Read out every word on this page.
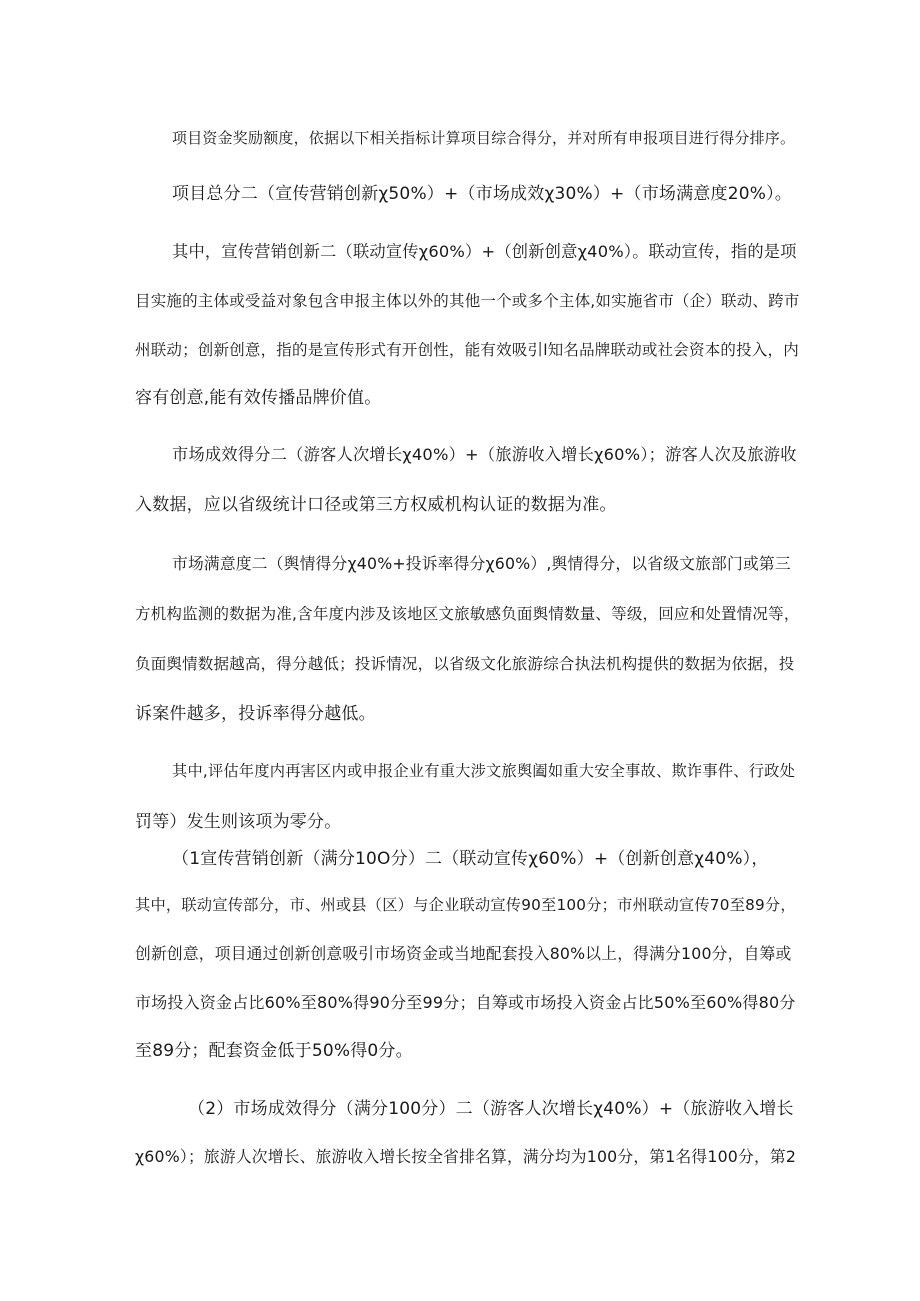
项目资金奖励额度，依据以下相关指标计算项目综合得分，并对所有申报项目进行得分排序。
项目总分二（宣传营销创新χ50%）+（市场成效χ30%）+（市场满意度20%）。
其中，宣传营销创新二（联动宣传χ60%）+（创新创意χ40%）。联动宣传，指的是项
目实施的主体或受益对象包含申报主体以外的其他一个或多个主体,如实施省市（企）联动、跨市
州联动；创新创意，指的是宣传形式有开创性，能有效吸引l知名品牌联动或社会资本的投入，内
容有创意,能有效传播品牌价值。
市场成效得分二（游客人次增长χ40%）+（旅游收入增长χ60%）；游客人次及旅游收
入数据，应以省级统计口径或第三方权威机构认证的数据为准。
市场满意度二（舆情得分χ40%+投诉率得分χ60%）,舆情得分，以省级文旅部门或第三
方机构监测的数据为准,含年度内涉及该地区文旅敏感负面舆情数量、等级，回应和处置情况等，
负面舆情数据越高，得分越低；投诉情况，以省级文化旅游综合执法机构提供的数据为依据，投
诉案件越多，投诉率得分越低。
其中,评估年度内再害区内或申报企业有重大涉文旅舆阖如重大安全事故、欺诈事件、行政处
罚等）发生则该项为零分。
（1宣传营销创新（满分10O分）二（联动宣传χ60%）+（创新创意χ40%），
其中，联动宣传部分，市、州或县（区）与企业联动宣传90至100分；市州联动宣传70至89分，
创新创意，项目通过创新创意吸引市场资金或当地配套投入80%以上，得满分100分，自筹或
市场投入资金占比60%至80%得90分至99分；自筹或市场投入资金占比50%至60%得80分
至89分；配套资金低于50%得0分。
（2）市场成效得分（满分100分）二（游客人次增长χ40%）+（旅游收入增长
χ60%）；旅游人次增长、旅游收入增长按全省排名算，满分均为100分，第1名得100分，第2
